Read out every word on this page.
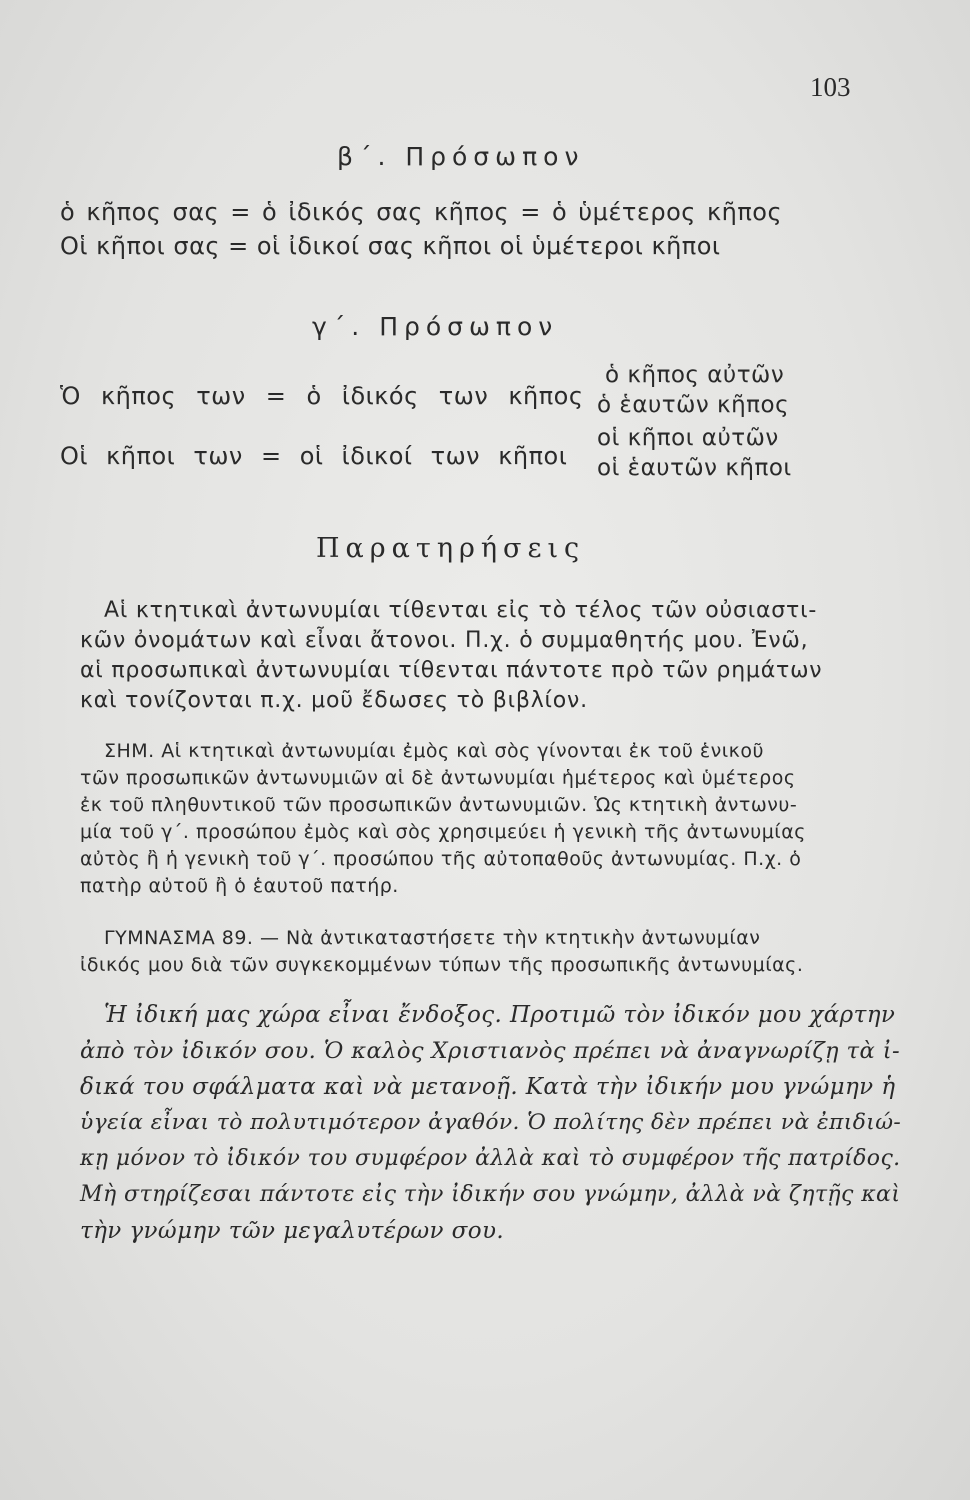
103
β΄. Πρόσωπον
ὁ κῆπος σας = ὁ ἰδικός σας κῆπος = ὁ ὑμέτερος κῆπος
Οἱ κῆποι σας = οἱ ἰδικοί σας κῆποι οἱ ὑμέτεροι κῆποι
γ΄. Πρόσωπον
Ὁ κῆπος των = ὁ ἰδικός των κῆπος
ὁ κῆπος αὐτῶν
ὁ ἑαυτῶν κῆπος
Οἱ κῆποι των = οἱ ἰδικοί των κῆποι
οἱ κῆποι αὐτῶν
οἱ ἑαυτῶν κῆποι
Παρατηρήσεις
Αἱ κτητικαὶ ἀντωνυμίαι τίθενται εἰς τὸ τέλος τῶν οὐσιαστι-
κῶν ὀνομάτων καὶ εἶναι ἄτονοι. Π.χ. ὁ συμμαθητής μου. Ἐνῶ,
αἱ προσωπικαὶ ἀντωνυμίαι τίθενται πάντοτε πρὸ τῶν ρημάτων
καὶ τονίζονται π.χ. μοῦ ἔδωσες τὸ βιβλίον.
ΣΗΜ. Αἱ κτητικαὶ ἀντωνυμίαι ἐμὸς καὶ σὸς γίνονται ἐκ τοῦ ἑνικοῦ
τῶν προσωπικῶν ἀντωνυμιῶν αἱ δὲ ἀντωνυμίαι ἡμέτερος καὶ ὑμέτερος
ἐκ τοῦ πληθυντικοῦ τῶν προσωπικῶν ἀντωνυμιῶν. Ὡς κτητικὴ ἀντωνυ-
μία τοῦ γ΄. προσώπου ἐμὸς καὶ σὸς χρησιμεύει ἡ γενικὴ τῆς ἀντωνυμίας
αὐτὸς ἢ ἡ γενικὴ τοῦ γ΄. προσώπου τῆς αὐτοπαθοῦς ἀντωνυμίας. Π.χ. ὁ
πατὴρ αὐτοῦ ἢ ὁ ἑαυτοῦ πατήρ.
ΓΥΜΝΑΣΜΑ 89. — Νὰ ἀντικαταστήσετε τὴν κτητικὴν ἀντωνυμίαν
ἰδικός μου διὰ τῶν συγκεκομμένων τύπων τῆς προσωπικῆς ἀντωνυμίας.
Ἡ ἰδική μας χώρα εἶναι ἔνδοξος. Προτιμῶ τὸν ἰδικόν μου χάρτην
ἀπὸ τὸν ἰδικόν σου. Ὁ καλὸς Χριστιανὸς πρέπει νὰ ἀναγνωρίζῃ τὰ ἰ-
δικά του σφάλματα καὶ νὰ μετανοῇ. Κατὰ τὴν ἰδικήν μου γνώμην ἡ
ὑγεία εἶναι τὸ πολυτιμότερον ἀγαθόν. Ὁ πολίτης δὲν πρέπει νὰ ἐπιδιώ-
κῃ μόνον τὸ ἰδικόν του συμφέρον ἀλλὰ καὶ τὸ συμφέρον τῆς πατρίδος.
Μὴ στηρίζεσαι πάντοτε εἰς τὴν ἰδικήν σου γνώμην, ἀλλὰ νὰ ζητῇς καὶ
τὴν γνώμην τῶν μεγαλυτέρων σου.
